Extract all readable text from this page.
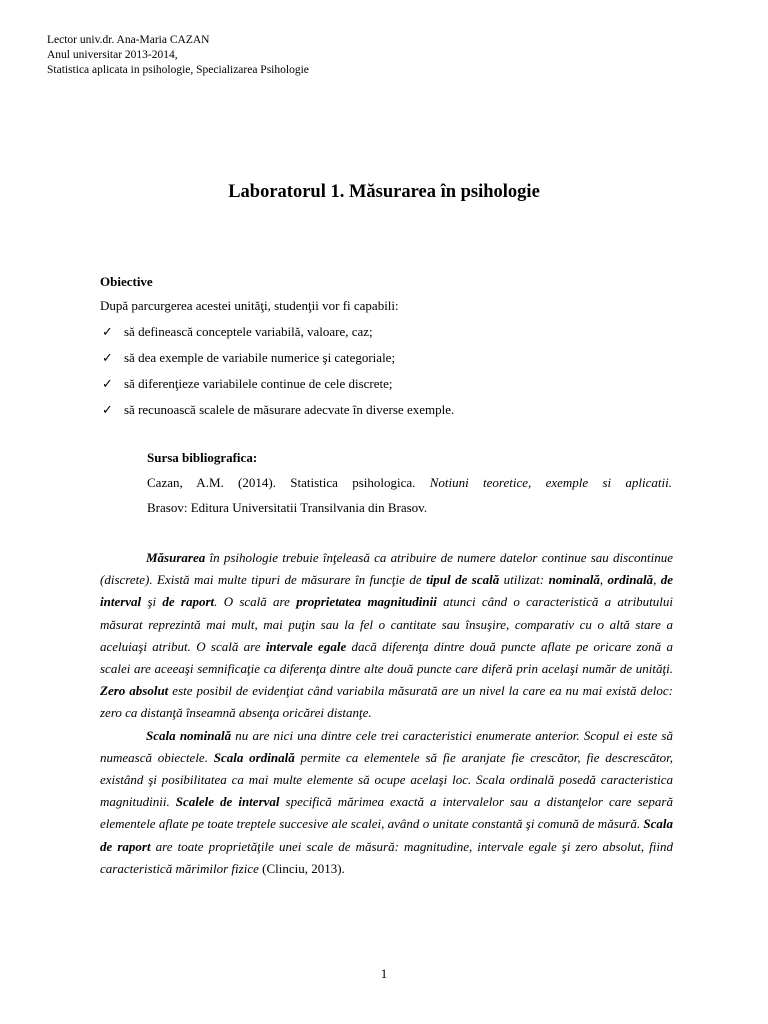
Lector univ.dr. Ana-Maria CAZAN
Anul universitar 2013-2014,
Statistica aplicata in psihologie, Specializarea Psihologie
Laboratorul 1. Măsurarea în psihologie
Obiective
După parcurgerea acestei unităţi, studenţii vor fi capabili:
✓ să definească conceptele variabilă, valoare, caz;
✓ să dea exemple de variabile numerice şi categoriale;
✓ să diferenţieze variabilele continue de cele discrete;
✓ să recunoască scalele de măsurare adecvate în diverse exemple.
Sursa bibliografica:
Cazan, A.M. (2014). Statistica psihologica. Notiuni teoretice, exemple si aplicatii.
Brasov: Editura Universitatii Transilvania din Brasov.

Măsurarea în psihologie trebuie înţeleasă ca atribuire de numere datelor continue sau discontinue (discrete). Există mai multe tipuri de măsurare în funcţie de tipul de scală utilizat: nominală, ordinală, de interval şi de raport. O scală are proprietatea magnitudinii atunci când o caracteristică a atributului măsurat reprezintă mai mult, mai puţin sau la fel o cantitate sau însuşire, comparativ cu o altă stare a aceluiaşi atribut. O scală are intervale egale dacă diferenţa dintre două puncte aflate pe oricare zonă a scalei are aceeaşi semnificaţie ca diferenţa dintre alte două puncte care diferă prin acelaşi număr de unităţi. Zero absolut este posibil de evidenţiat când variabila măsurată are un nivel la care ea nu mai există deloc: zero ca distanţă înseamnă absenţa oricărei distanţe.

Scala nominală nu are nici una dintre cele trei caracteristici enumerate anterior. Scopul ei este să numească obiectele. Scala ordinală permite ca elementele să fie aranjate fie crescător, fie descrescător, existând şi posibilitatea ca mai multe elemente să ocupe acelaşi loc. Scala ordinală posedă caracteristica magnitudinii. Scalele de interval specifică mărimea exactă a intervalelor sau a distanţelor care separă elementele aflate pe toate treptele succesive ale scalei, având o unitate constantă şi comună de măsură. Scala de raport are toate proprietăţile unei scale de măsură: magnitudine, intervale egale şi zero absolut, fiind caracteristică mărimilor fizice (Clinciu, 2013).

1
